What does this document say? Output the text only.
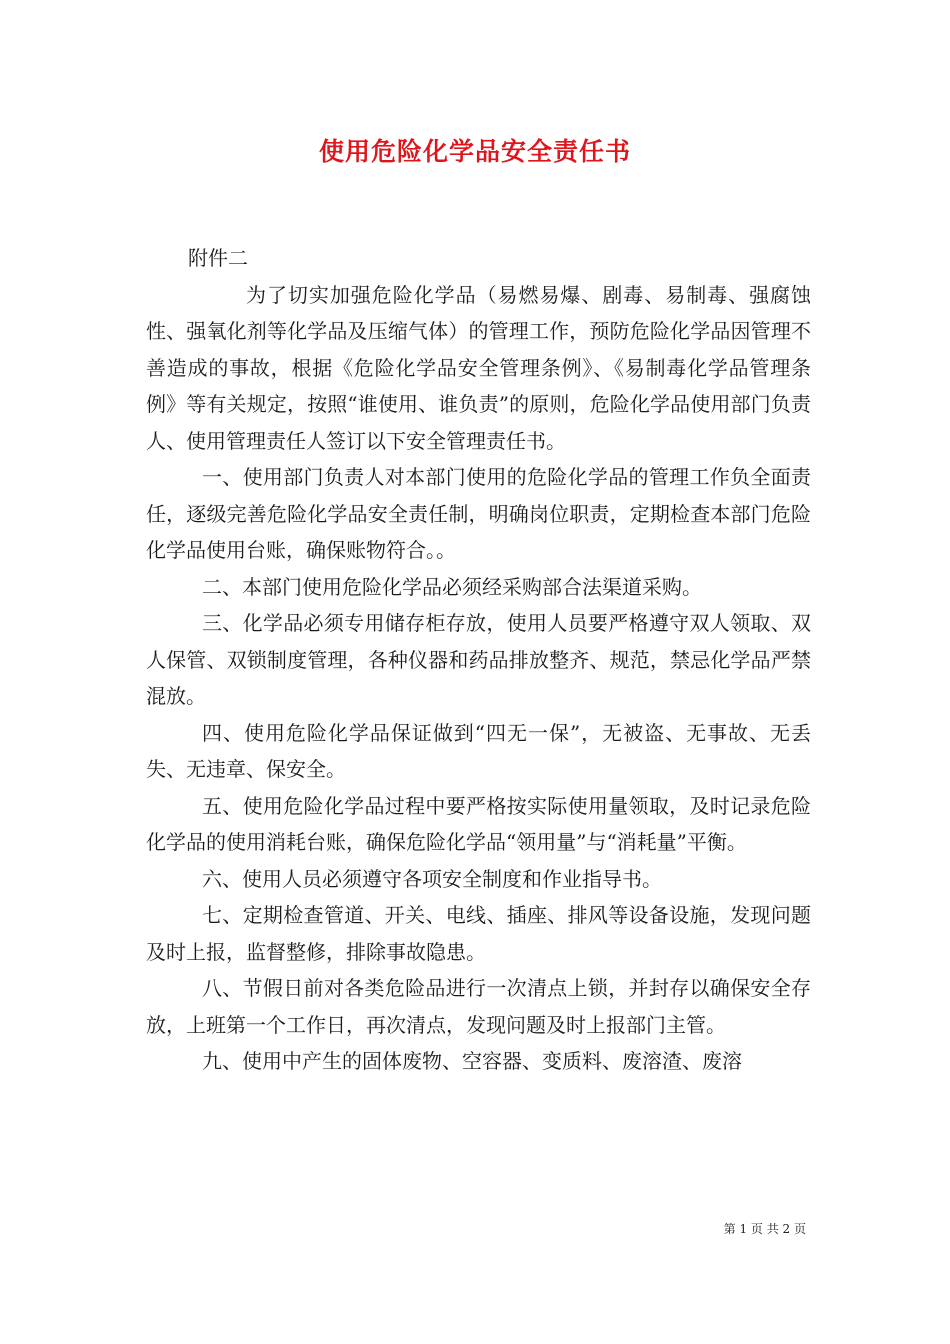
使用危险化学品安全责任书

附件二

为了切实加强危险化学品（易燃易爆、剧毒、易制毒、强腐蚀性、强氧化剂等化学品及压缩气体）的管理工作，预防危险化学品因管理不善造成的事故，根据《危险化学品安全管理条例》、《易制毒化学品管理条例》等有关规定，按照“谁使用、谁负责”的原则，危险化学品使用部门负责人、使用管理责任人签订以下安全管理责任书。

一、使用部门负责人对本部门使用的危险化学品的管理工作负全面责任，逐级完善危险化学品安全责任制，明确岗位职责，定期检查本部门危险化学品使用台账，确保账物符合。。

二、本部门使用危险化学品必须经采购部合法渠道采购。

三、化学品必须专用储存柜存放，使用人员要严格遵守双人领取、双人保管、双锁制度管理，各种仪器和药品排放整齐、规范，禁忌化学品严禁混放。

四、使用危险化学品保证做到“四无一保”，无被盗、无事故、无丢失、无违章、保安全。

五、使用危险化学品过程中要严格按实际使用量领取，及时记录危险化学品的使用消耗台账，确保危险化学品“领用量”与“消耗量”平衡。

六、使用人员必须遵守各项安全制度和作业指导书。

七、定期检查管道、开关、电线、插座、排风等设备设施，发现问题及时上报，监督整修，排除事故隐患。

八、节假日前对各类危险品进行一次清点上锁，并封存以确保安全存放，上班第一个工作日，再次清点，发现问题及时上报部门主管。

九、使用中产生的固体废物、空容器、变质料、废溶渣、废溶

第 1 页 共 2 页
